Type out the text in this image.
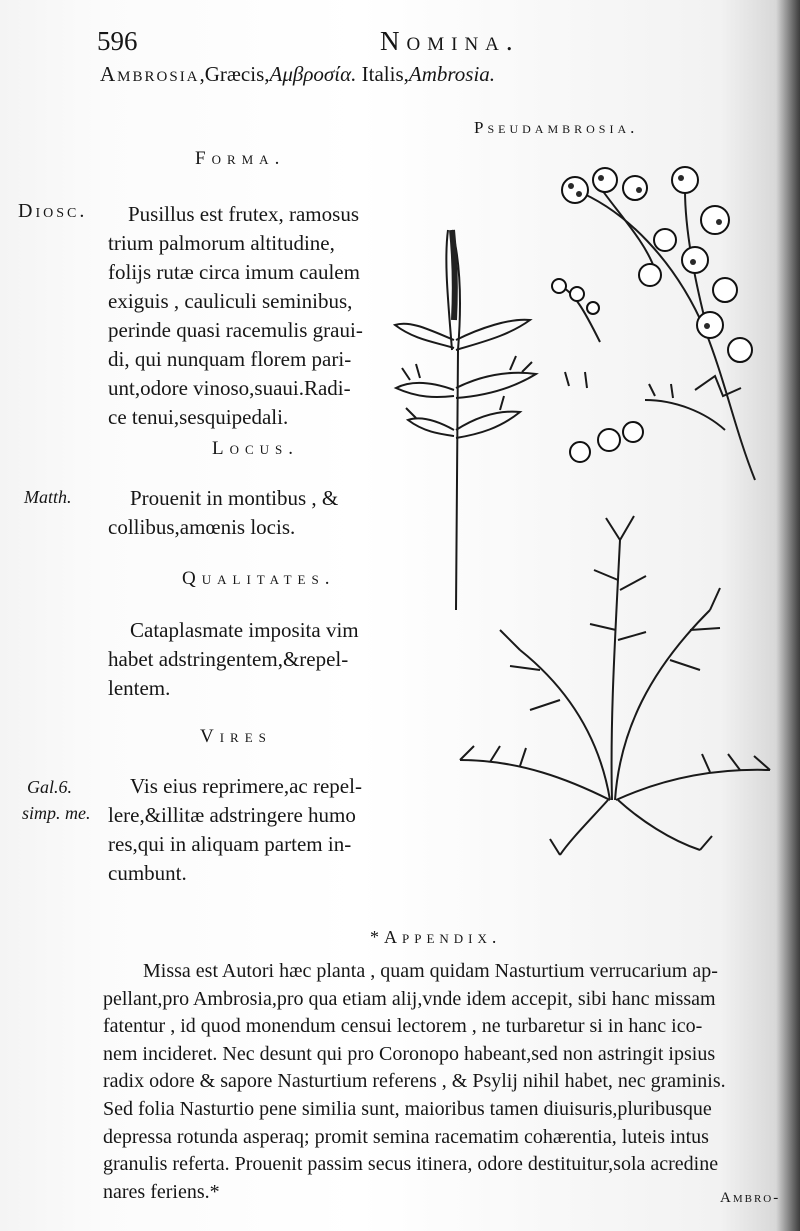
596	Nomina.
Ambrosia,Græcis,Αμβροσία. Italis,Ambrosia.
Pseudambrosia.
Forma.
Diosc.	Pusillus est frutex, ramosus
trium palmorum altitudine,
folijs rutæ circa imum caulem
exiguis , cauliculi seminibus,
perinde quasi racemulis graui-
di, qui nunquam florem pari-
unt,odore vinoso,suaui.Radi-
ce tenui,sesquipedali.
Locus.
Matth.	Prouenit in montibus , &
collibus,amœnis locis.
Qualitates.
Cataplasmate imposita vim
habet adstringentem,&repel-
lentem.
Vires
Gal.6.
simp. me.
Vis eius reprimere,ac repel-
lere,&illitæ adstringere humo
res,qui in aliquam partem in-
cumbunt.
*Appendix.
Missa est Autori hæc planta , quam quidam Nasturtium verrucarium ap-
pellant,pro Ambrosia,pro qua etiam alij,vnde idem accepit, sibi hanc missam
fatentur , id quod monendum censui lectorem , ne turbaretur si in hanc ico-
nem incideret. Nec desunt qui pro Coronopo habeant,sed non astringit ipsius
radix odore & sapore Nasturtium referens , & Psylij nihil habet, nec graminis.
Sed folia Nasturtio pene similia sunt, maioribus tamen diuisuris,pluribusque
depressa rotunda asperaq; promit semina racematim cohærentia, luteis intus
granulis referta. Prouenit passim secus itinera, odore destituitur,sola acredine
nares feriens.*	Ambro-
